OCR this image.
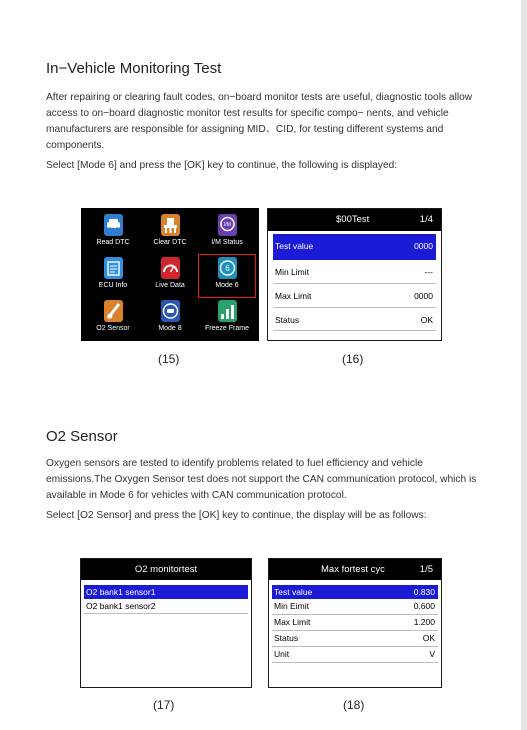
In−Vehicle Monitoring Test
After repairing or clearing fault codes, on−board monitor tests are useful, diagnostic tools allow access to on−board diagnostic monitor test results for specific compo− nents, and vehicle manufacturers are responsible for assigning MID、CID, for testing different systems and components.
Select [Mode 6] and press the [OK] key to continue, the following is displayed:
Read DTC	Clear DTC
I/M
I/M Status
ECU Info	Live Data
6
Mode 6
O2 Sensor	Mode 8	Freeze Frame
$00Test	1/4
Test value	0000
Min Limit	---
Max Limit	0000
Status	OK
(15)	(16)
O2 Sensor
Oxygen sensors are tested to identify problems related to fuel efficiency and vehicle emissions.The Oxygen Sensor test does not support the CAN communication protocol, which is available in Mode 6 for vehicles with CAN communication protocol.
Select [O2 Sensor] and press the [OK] key to continue, the display will be as follows:
O2 monitortest
O2 bank1 sensor1
O2 bank1 sensor2
Max fortest cyc	1/5
Test value	0.830
Min Eimit	0.600
Max Limit	1.200
Status	OK
Unit	V
(17)	(18)
